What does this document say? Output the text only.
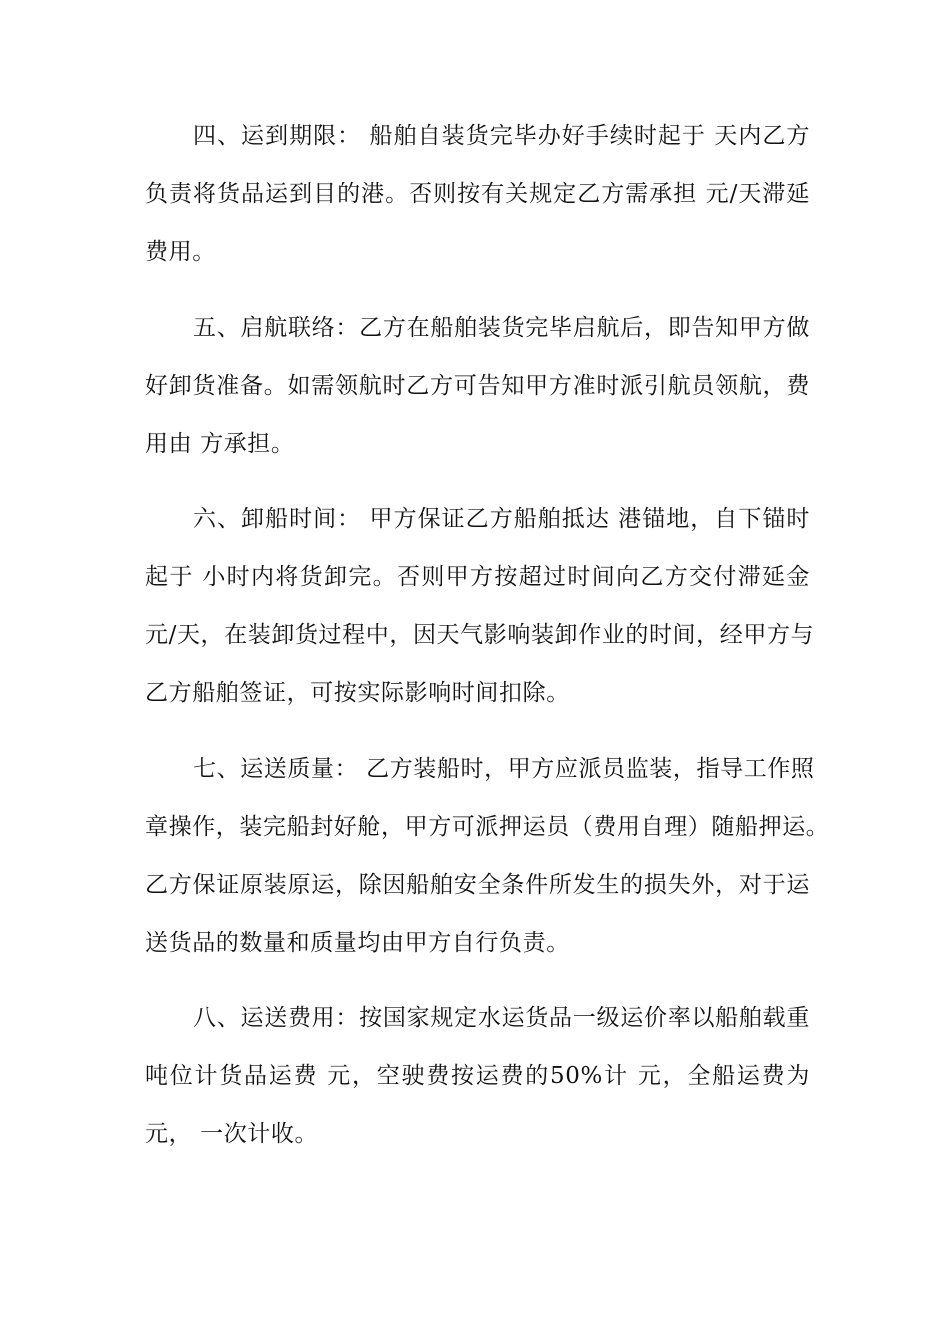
四、运到期限： 船舶自装货完毕办好手续时起于 天内乙方
负责将货品运到目的港。否则按有关规定乙方需承担 元/天滞延
费用。
五、启航联络：乙方在船舶装货完毕启航后，即告知甲方做
好卸货准备。如需领航时乙方可告知甲方准时派引航员领航，费
用由 方承担。
六、卸船时间： 甲方保证乙方船舶抵达 港锚地，自下锚时
起于 小时内将货卸完。否则甲方按超过时间向乙方交付滞延金
元/天，在装卸货过程中，因天气影响装卸作业的时间，经甲方与
乙方船舶签证，可按实际影响时间扣除。
七、运送质量： 乙方装船时，甲方应派员监装，指导工作照
章操作，装完船封好舱，甲方可派押运员（费用自理）随船押运。
乙方保证原装原运，除因船舶安全条件所发生的损失外，对于运
送货品的数量和质量均由甲方自行负责。
八、运送费用：按国家规定水运货品一级运价率以船舶载重
吨位计货品运费 元，空驶费按运费的50%计 元，全船运费为
元， 一次计收。
